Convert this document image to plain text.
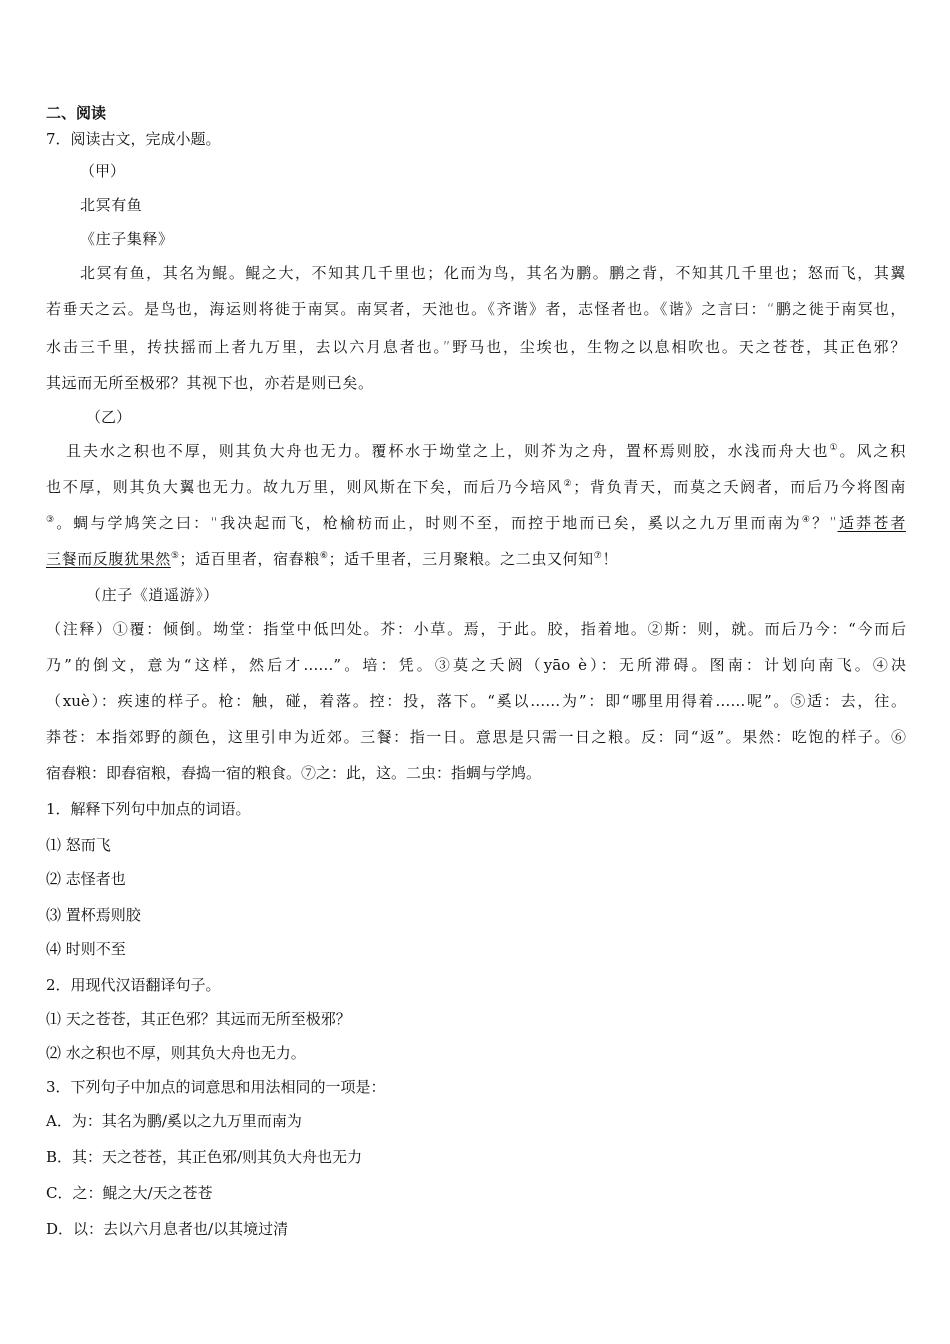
二、阅读
7．阅读古文，完成小题。
（甲）
北冥有鱼
《庄子集释》
北冥有鱼，其名为鲲。鲲之大，不知其几千里也；化而为鸟，其名为鹏。鹏之背，不知其几千里也；怒而飞，其翼
若垂天之云。是鸟也，海运则将徙于南冥。南冥者，天池也。《齐谐》者，志怪者也。《谐》之言曰：“鹏之徙于南冥也，
水击三千里，抟扶摇而上者九万里，去以六月息者也。”野马也，尘埃也，生物之以息相吹也。天之苍苍，其正色邪？
其远而无所至极邪？其视下也，亦若是则已矣。
（乙）
且夫水之积也不厚，则其负大舟也无力。覆杯水于坳堂之上，则芥为之舟，置杯焉则胶，水浅而舟大也①。风之积
也不厚，则其负大翼也无力。故九万里，则风斯在下矣，而后乃今培风②；背负青天，而莫之夭阏者，而后乃今将图南
③。蜩与学鸠笑之曰：“我决起而飞，枪榆枋而止，时则不至，而控于地而已矣，奚以之九万里而南为④？”适莽苍者
三餐而反腹犹果然⑤；适百里者，宿舂粮⑥；适千里者，三月聚粮。之二虫又何知⑦！
（庄子《逍遥游》）
（注释）①覆：倾倒。坳堂：指堂中低凹处。芥：小草。焉，于此。胶，指着地。②斯：则，就。而后乃今：“今而后
乃”的倒文，意为“这样，然后才……”。培：凭。③莫之夭阏（yāo è）：无所滞碍。图南：计划向南飞。④决
（xuè）：疾速的样子。枪：触，碰，着落。控：投，落下。“奚以……为”：即“哪里用得着……呢”。⑤适：去，往。
莽苍：本指郊野的颜色，这里引申为近郊。三餐：指一日。意思是只需一日之粮。反：同“返”。果然：吃饱的样子。⑥
宿舂粮：即舂宿粮，舂捣一宿的粮食。⑦之：此，这。二虫：指蜩与学鸠。
1．解释下列句中加点的词语。
⑴ 怒而飞
⑵ 志怪者也
⑶ 置杯焉则胶
⑷ 时则不至
2．用现代汉语翻译句子。
⑴ 天之苍苍，其正色邪？其远而无所至极邪？
⑵ 水之积也不厚，则其负大舟也无力。
3．下列句子中加点的词意思和用法相同的一项是：
A．为：其名为鹏/奚以之九万里而南为
B．其：天之苍苍，其正色邪/则其负大舟也无力
C．之：鲲之大/天之苍苍
D．以：去以六月息者也/以其境过清
